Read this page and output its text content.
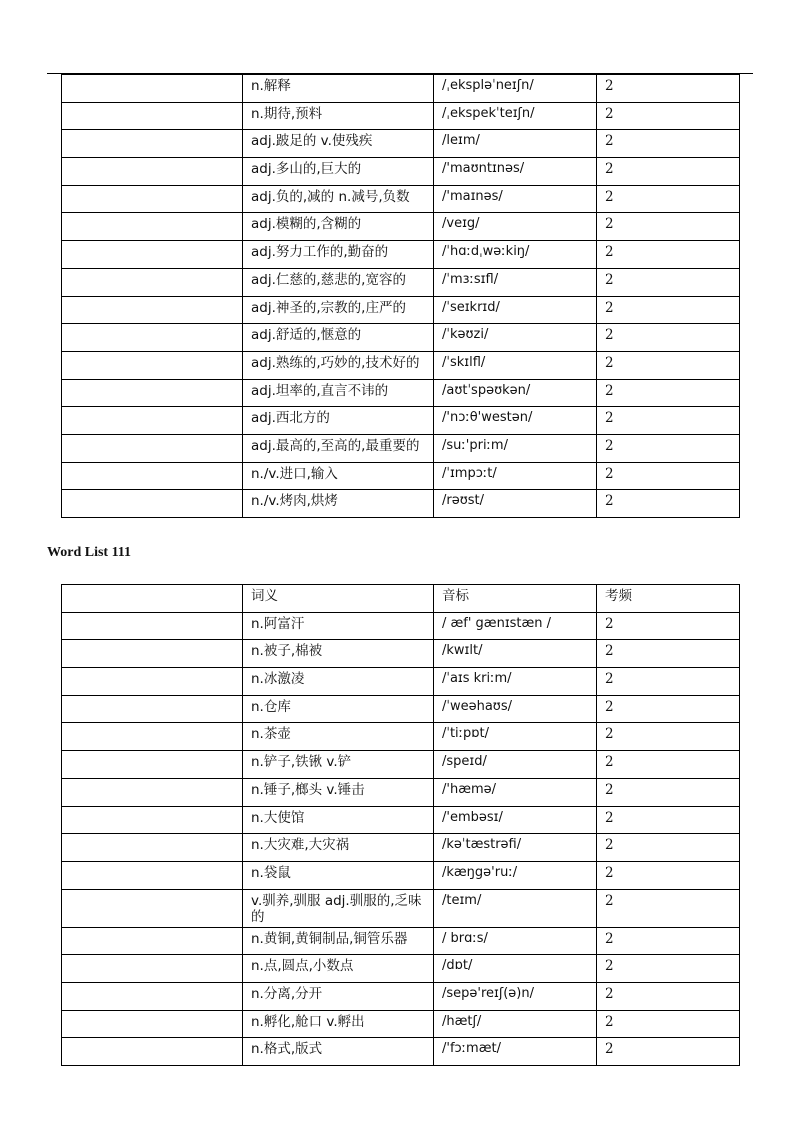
	n.解释	/ˌekspləˈneɪʃn/	2
	n.期待,预料	/ˌekspekˈteɪʃn/	2
	adj.跛足的 v.使残疾	/leɪm/	2
	adj.多山的,巨大的	/'maʊntɪnəs/	2
	adj.负的,减的 n.减号,负数	/'maɪnəs/	2
	adj.模糊的,含糊的	/veɪg/	2
	adj.努力工作的,勤奋的	/ˈhɑːdˌwəːkiŋ/	2
	adj.仁慈的,慈悲的,宽容的	/ˈmɜːsɪfl/	2
	adj.神圣的,宗教的,庄严的	/ˈseɪkrɪd/	2
	adj.舒适的,惬意的	/ˈkəʊzi/	2
	adj.熟练的,巧妙的,技术好的	/ˈskɪlfl/	2
	adj.坦率的,直言不讳的	/aʊtˈspəʊkən/	2
	adj.西北方的	/'nɔːθ'westən/	2
	adj.最高的,至高的,最重要的	/suː'priːm/	2
	n./v.进口,输入	/ˈɪmpɔːt/	2
	n./v.烤肉,烘烤	/rəʊst/	2
Word List 111
	词义	音标	考频
	n.阿富汗	/ æf' gænɪstæn /	2
	n.被子,棉被	/kwɪlt/	2
	n.冰激凌	/ˈaɪs kriːm/	2
	n.仓库	/ˈweəhaʊs/	2
	n.茶壶	/ˈtiːpɒt/	2
	n.铲子,铁锹 v.铲	/speɪd/	2
	n.锤子,榔头 v.锤击	/'hæmə/	2
	n.大使馆	/'embəsɪ/	2
	n.大灾难,大灾祸	/kəˈtæstrəfi/	2
	n.袋鼠	/kæŋgə'ruː/	2
	v.驯养,驯服 adj.驯服的,乏味的	/teɪm/	2
	n.黄铜,黄铜制品,铜管乐器	/ brɑːs/	2
	n.点,圆点,小数点	/dɒt/	2
	n.分离,分开	/sepə'reɪʃ(ə)n/	2
	n.孵化,舱口 v.孵出	/hætʃ/	2
	n.格式,版式	/'fɔːmæt/	2
